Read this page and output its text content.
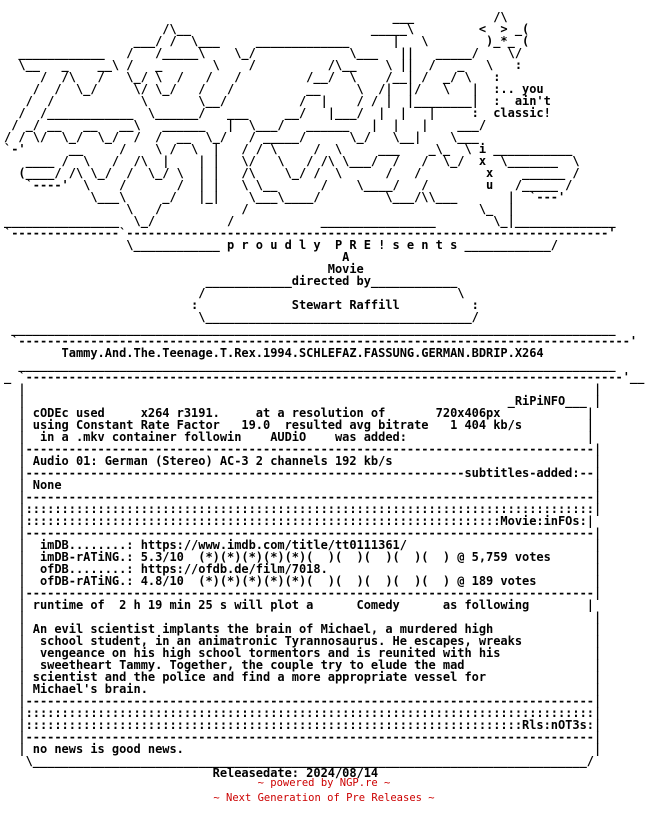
___           /\
/\__                         _____\         <  > _(
___/ /  \___     _____________      |   \        )_*_ (
____________   /   /_____\    \_/             \___   ||   _____/    \/
\__   _    __\ /   _       \    /          /\__    \ ||  /   _   \   :
/  /\   /   \_/ \  /   /   /         /__/  \    /__| /  _/ \   :
/  /  \_/     \/ \_/   /   /          __     \  /|  |/   \   |  :.. you
/  /            \       \__/          /  |    / / |  |________|  :  ain't
/  /____________  \______/   ___     __/   |___/  |  |   |     :  classic!
/ _/ __   __   __\   ______   |  \___/   ______   |  |   |    ___/
/ / \/  \_/  \_/  /  /  __  \_/   / _____/      \_/   \__|    \___
`-'      __     /    \ /  \  |   / / \     /  \     ___    _\_  \ i ___________
____ /  \   /  /\  |    | |   \/   \   / /\ \___/  /   /  \_/  x  \_______  \
(____/ /\ \_/  /  \_/ \  | |   /\    \_/ /  \      /   /         x    ______ /
`----'  \    /       /  | |   \ \__      /    \____/   /        u   /_____ /
\___\     _/   |_|    \___\____/         \___/\\___       |  `---'
\   /           /                                \_  |
________________  \_/          /            ________________        \_|______________
`---------------`-------------------------------------------------------------------'
\____________ p r o u d l y  P R E ! s e n t s ____________/
A
Movie
____________directed by____________
/                                   \
:             Stewart Raffill          :
\_____________________________________/
____________________________________________________________________________________
`-------------------------------------------------------------------------------------'
Tammy.And.The.Teenage.T.Rex.1994.SCHLEFAZ.FASSUNG.GERMAN.BDRIP.X264
___________________________________________________________________________________
_ `-----------------------------------------------------------------------------------'__
|                                                                               |
|                                                                   _RiPiNFO___ |
| cODEc used     x264 r3191.     at a resolution of       720x406px            |
| using Constant Rate Factor   19.0  resulted avg bitrate   1 404 kb/s         |
|  in a .mkv container followin    AUDiO    was added:                         |
|-------------------------------------------------------------------------------|
| Audio 01: German (Stereo) AC-3 2 channels 192 kb/s                            |
|-------------------------------------------------------------subtitles-added:--|
| None                                                                          |
|-------------------------------------------------------------------------------|
|:::::::::::::::::::::::::::::::::::::::::::::::::::::::::::::::::::::::::::::::|
|::::::::::::::::::::::::::::::::::::::::::::::::::::::::::::::::::Movie:inFOs:|
|-------------------------------------------------------------------------------|
|  imDB........: https://www.imdb.com/title/tt0111361/                          |
|  imDB-rATiNG.: 5.3/10  (*)(*)(*)(*)(*)(  )(  )(  )(  )(  ) @ 5,759 votes      |
|  ofDB........: https://ofdb.de/film/7018.                                     |
|  ofDB-rATiNG.: 4.8/10  (*)(*)(*)(*)(*)(  )(  )(  )(  )(  ) @ 189 votes        |
|-------------------------------------------------------------------------------|
| runtime of  2 h 19 min 25 s will plot a      Comedy      as following        |
|                                                                               |
| An evil scientist implants the brain of Michael, a murdered high              |
|  school student, in an animatronic Tyrannosaurus. He escapes, wreaks          |
|  vengeance on his high school tormentors and is reunited with his             |
|  sweetheart Tammy. Together, the couple try to elude the mad                  |
| scientist and the police and find a more appropriate vessel for               |
| Michael's brain.                                                              |
|-------------------------------------------------------------------------------|
|:::::::::::::::::::::::::::::::::::::::::::::::::::::::::::::::::::::::::::::::|
|:::::::::::::::::::::::::::::::::::::::::::::::::::::::::::::::::::::Rls:nOT3s:|
|-------------------------------------------------------------------------------|
| no news is good news.                                                         |
\_____________________________________________________________________________/
Releasedate: 2024/08/14
~ powered by NGP.re ~
~ Next Generation of Pre Releases ~
